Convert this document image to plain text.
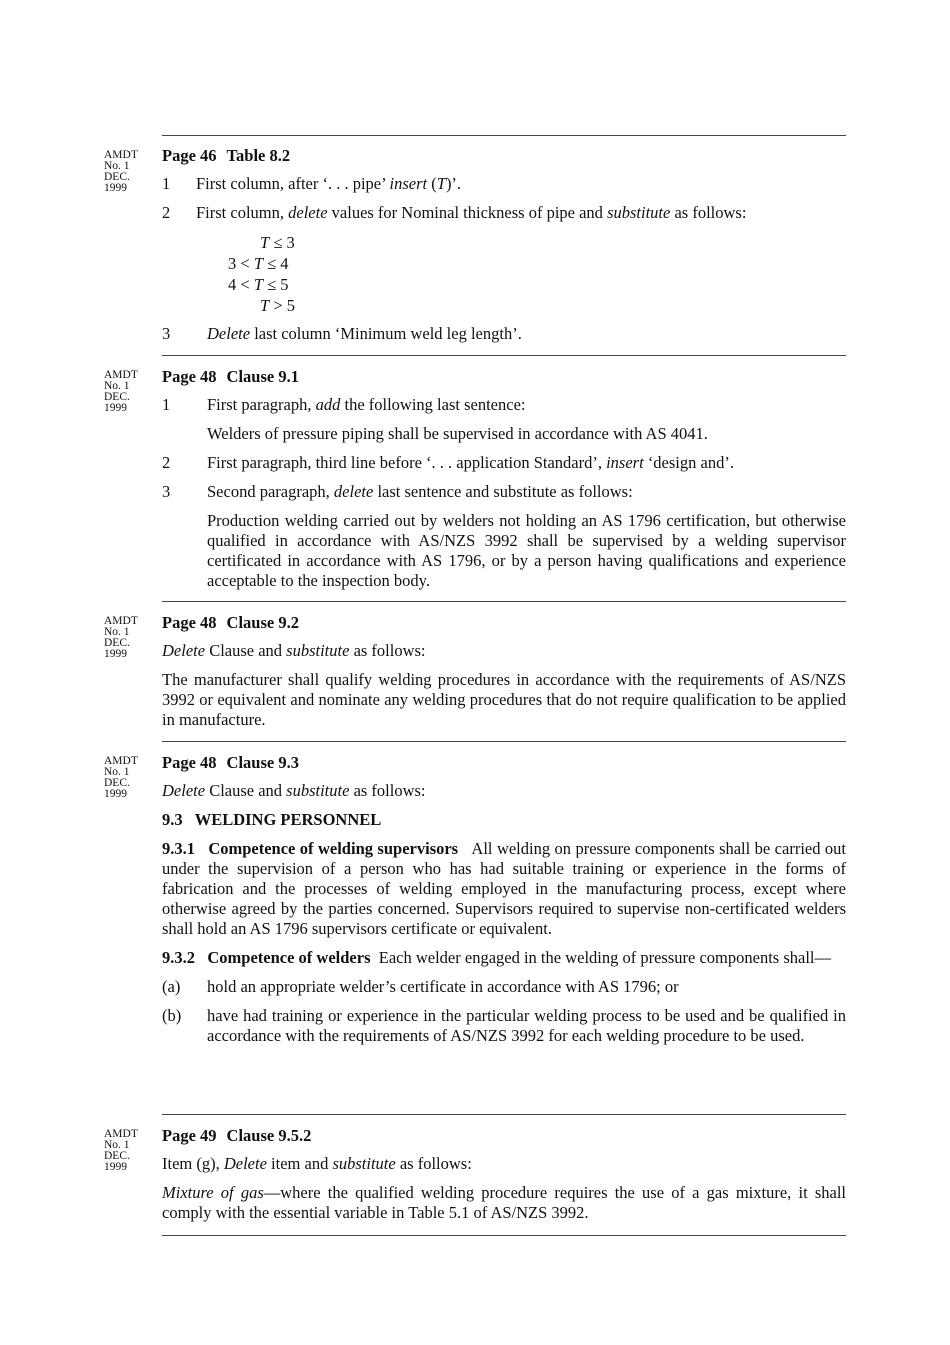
AMDT
No. 1
DEC.
1999
AMDT
No. 1
DEC.
1999
AMDT
No. 1
DEC.
1999
AMDT
No. 1
DEC.
1999
AMDT
No. 1
DEC.
1999
Page 46 Table 8.2
1 First column, after ‘. . . pipe’ insert (T)’.
2 First column, delete values for Nominal thickness of pipe and substitute as follows:
T ≤ 3
3 < T ≤ 4
4 < T ≤ 5
T > 5
3 Delete last column ‘Minimum weld leg length’.
Page 48 Clause 9.1
1 First paragraph, add the following last sentence:

Welders of pressure piping shall be supervised in accordance with AS 4041.

2 First paragraph, third line before ‘. . . application Standard’, insert ‘design and’.
3 Second paragraph, delete last sentence and substitute as follows:

Production welding carried out by welders not holding an AS 1796 certification, but otherwise qualified in accordance with AS/NZS 3992 shall be supervised by a welding supervisor certificated in accordance with AS 1796, or by a person having qualifications and experience acceptable to the inspection body.

Page 48 Clause 9.2

Delete Clause and substitute as follows:

The manufacturer shall qualify welding procedures in accordance with the requirements of AS/NZS 3992 or equivalent and nominate any welding procedures that do not require qualification to be applied in manufacture.

Page 48 Clause 9.3

Delete Clause and substitute as follows:

9.3   WELDING PERSONNEL

9.3.1   Competence of welding supervisors All welding on pressure components shall be carried out under the supervision of a person who has had suitable training or experience in the forms of fabrication and the processes of welding employed in the manufacturing process, except where otherwise agreed by the parties concerned. Supervisors required to supervise non-certificated welders shall hold an AS 1796 supervisors certificate or equivalent.

9.3.2   Competence of welders Each welder engaged in the welding of pressure components shall—

(a) hold an appropriate welder’s certificate in accordance with AS 1796; or
(b) have had training or experience in the particular welding process to be used and be qualified in accordance with the requirements of AS/NZS 3992 for each welding procedure to be used.
Page 49 Clause 9.5.2

Item (g), Delete item and substitute as follows:

Mixture of gas—where the qualified welding procedure requires the use of a gas mixture, it shall comply with the essential variable in Table 5.1 of AS/NZS 3992.
